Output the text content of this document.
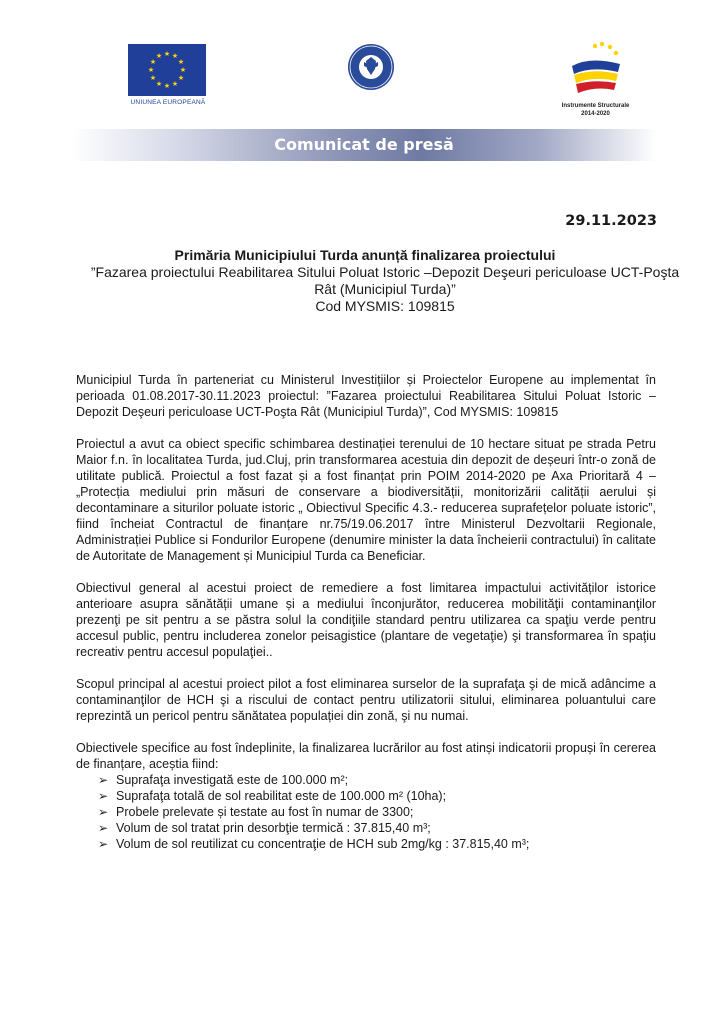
★ ★
★
★
★
★
★
★
★
★
★
★
UNIUNEA EUROPEANĂ	Instrumente Structurale
2014-2020
Comunicat de presă
29.11.2023
Primăria Municipiului Turda anunță finalizarea proiectului
”Fazarea proiectului Reabilitarea Sitului Poluat Istoric –Depozit Deşeuri periculoase UCT-Poşta Rât (Municipiul Turda)”
Cod MYSMIS: 109815

Municipiul Turda în parteneriat cu Ministerul Investițiilor și Proiectelor Europene au implementat în perioada 01.08.2017-30.11.2023 proiectul: ”Fazarea proiectului Reabilitarea Sitului Poluat Istoric –Depozit Deşeuri periculoase UCT-Poşta Rât (Municipiul Turda)”, Cod MYSMIS: 109815

Proiectul a avut ca obiect specific schimbarea destinației terenului de 10 hectare situat pe strada Petru Maior f.n. în localitatea Turda, jud.Cluj, prin transformarea acestuia din depozit de deșeuri într-o zonă de utilitate publică. Proiectul a fost fazat și a fost finanțat prin POIM 2014-2020 pe Axa Prioritară 4 – „Protecția mediului prin măsuri de conservare a biodiversității, monitorizării calității aerului și decontaminare a siturilor poluate istoric „ Obiectivul Specific 4.3.- reducerea suprafețelor poluate istoric”, fiind încheiat Contractul de finanțare nr.75/19.06.2017 între Ministerul Dezvoltarii Regionale, Administrației Publice si Fondurilor Europene (denumire minister la data încheierii contractului) în calitate de Autoritate de Management și Municipiul Turda ca Beneficiar.

Obiectivul general al acestui proiect de remediere a fost limitarea impactului activităților istorice anterioare asupra sănătății umane și a mediului înconjurător, reducerea mobilităţii contaminanţilor prezenţi pe sit pentru a se păstra solul la condiţiile standard pentru utilizarea ca spaţiu verde pentru accesul public, pentru includerea zonelor peisagistice (plantare de vegetaţie) şi transformarea în spaţiu recreativ pentru accesul populaţiei..

Scopul principal al acestui proiect pilot a fost eliminarea surselor de la suprafaţa şi de mică adâncime a contaminanţilor de HCH şi a riscului de contact pentru utilizatorii sitului, eliminarea poluantului care reprezintă un pericol pentru sănătatea populației din zonă, şi nu numai.

Obiectivele specifice au fost îndeplinite, la finalizarea lucrărilor au fost atinși indicatorii propuși în cererea de finanțare, aceștia fiind:

➢ Suprafaţa investigată este de 100.000 m²;
➢ Suprafaţa totală de sol reabilitat este de 100.000 m² (10ha);
➢ Probele prelevate și testate au fost în numar de 3300;
➢ Volum de sol tratat prin desorbţie termică : 37.815,40 m³;
➢ Volum de sol reutilizat cu concentraţie de HCH sub 2mg/kg : 37.815,40 m³;
